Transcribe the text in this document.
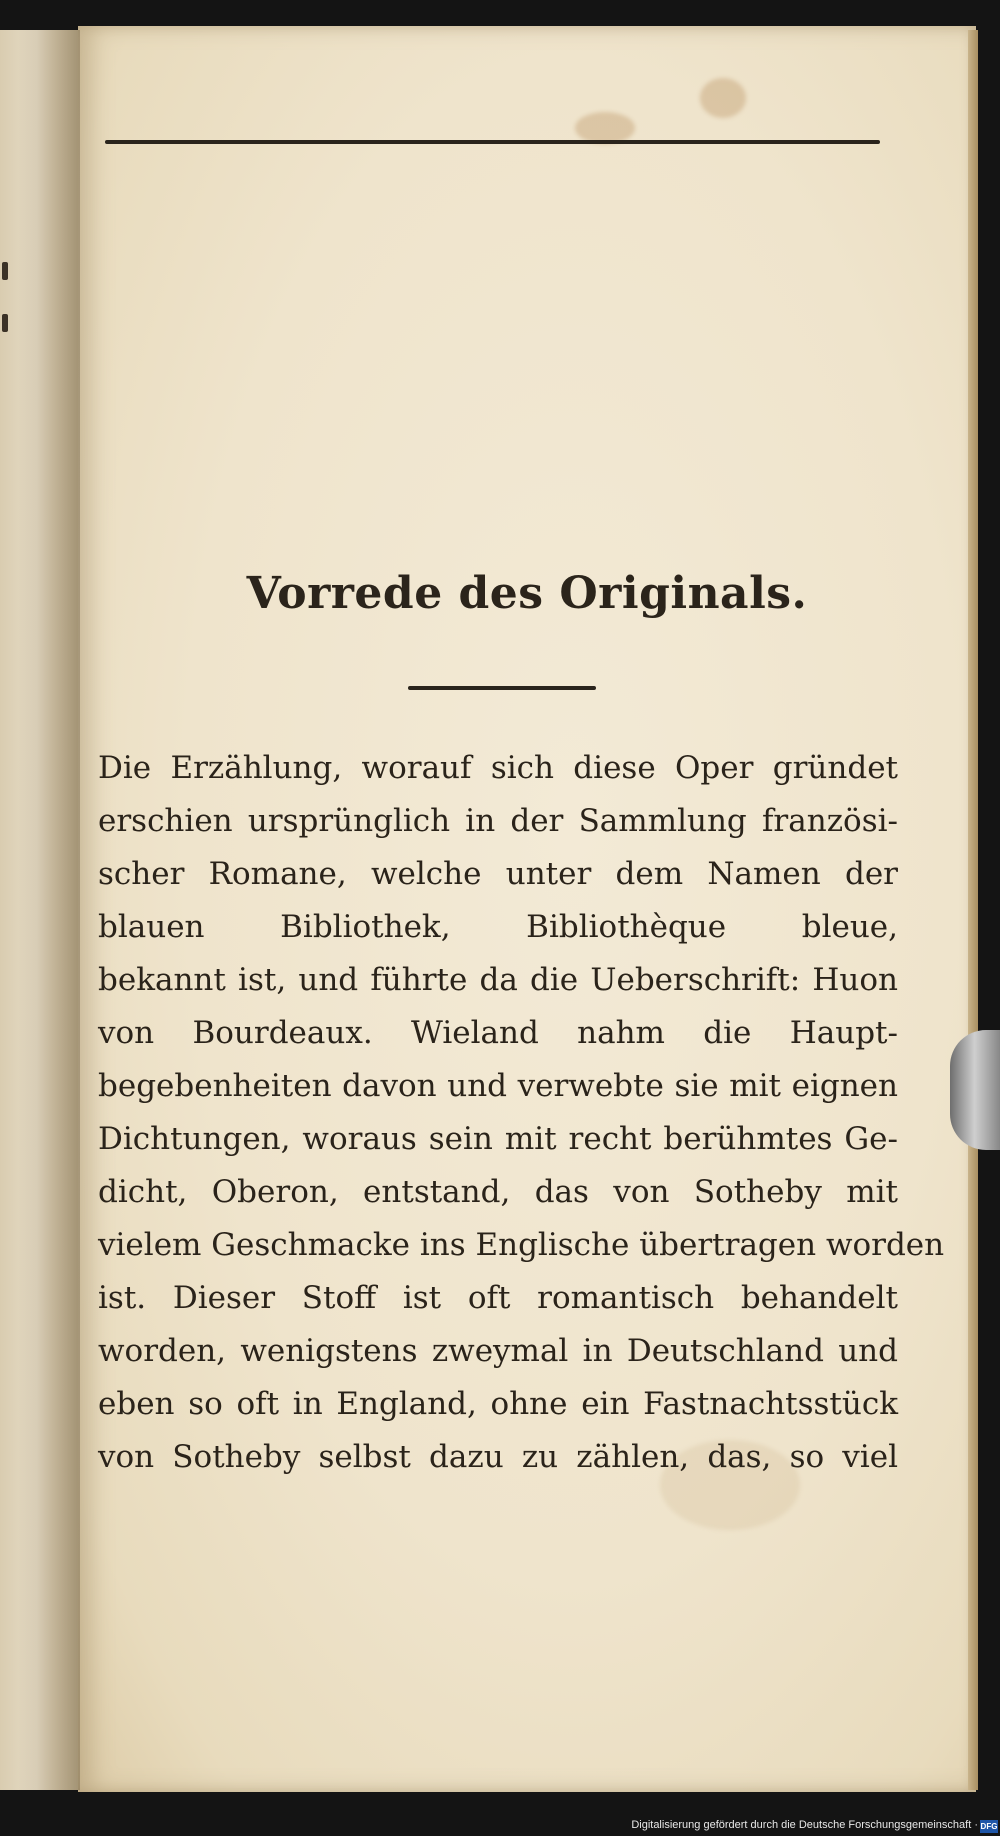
Vorrede des Originals.
Die Erzählung, worauf sich diese Oper gründet
erschien ursprünglich in der Sammlung französi-
scher Romane, welche unter dem Namen der
blauen Bibliothek, Bibliothèque bleue,
bekannt ist, und führte da die Ueberschrift: Huon
von Bourdeaux. Wieland nahm die Haupt-
begebenheiten davon und verwebte sie mit eignen
Dichtungen, woraus sein mit recht berühmtes Ge-
dicht, Oberon, entstand, das von Sotheby mit
vielem Geschmacke ins Englische übertragen worden
ist. Dieser Stoff ist oft romantisch behandelt
worden, wenigstens zweymal in Deutschland und
eben so oft in England, ohne ein Fastnachtsstück
von Sotheby selbst dazu zu zählen, das, so viel
Digitalisierung gefördert durch die Deutsche Forschungsgemeinschaft · DFG
